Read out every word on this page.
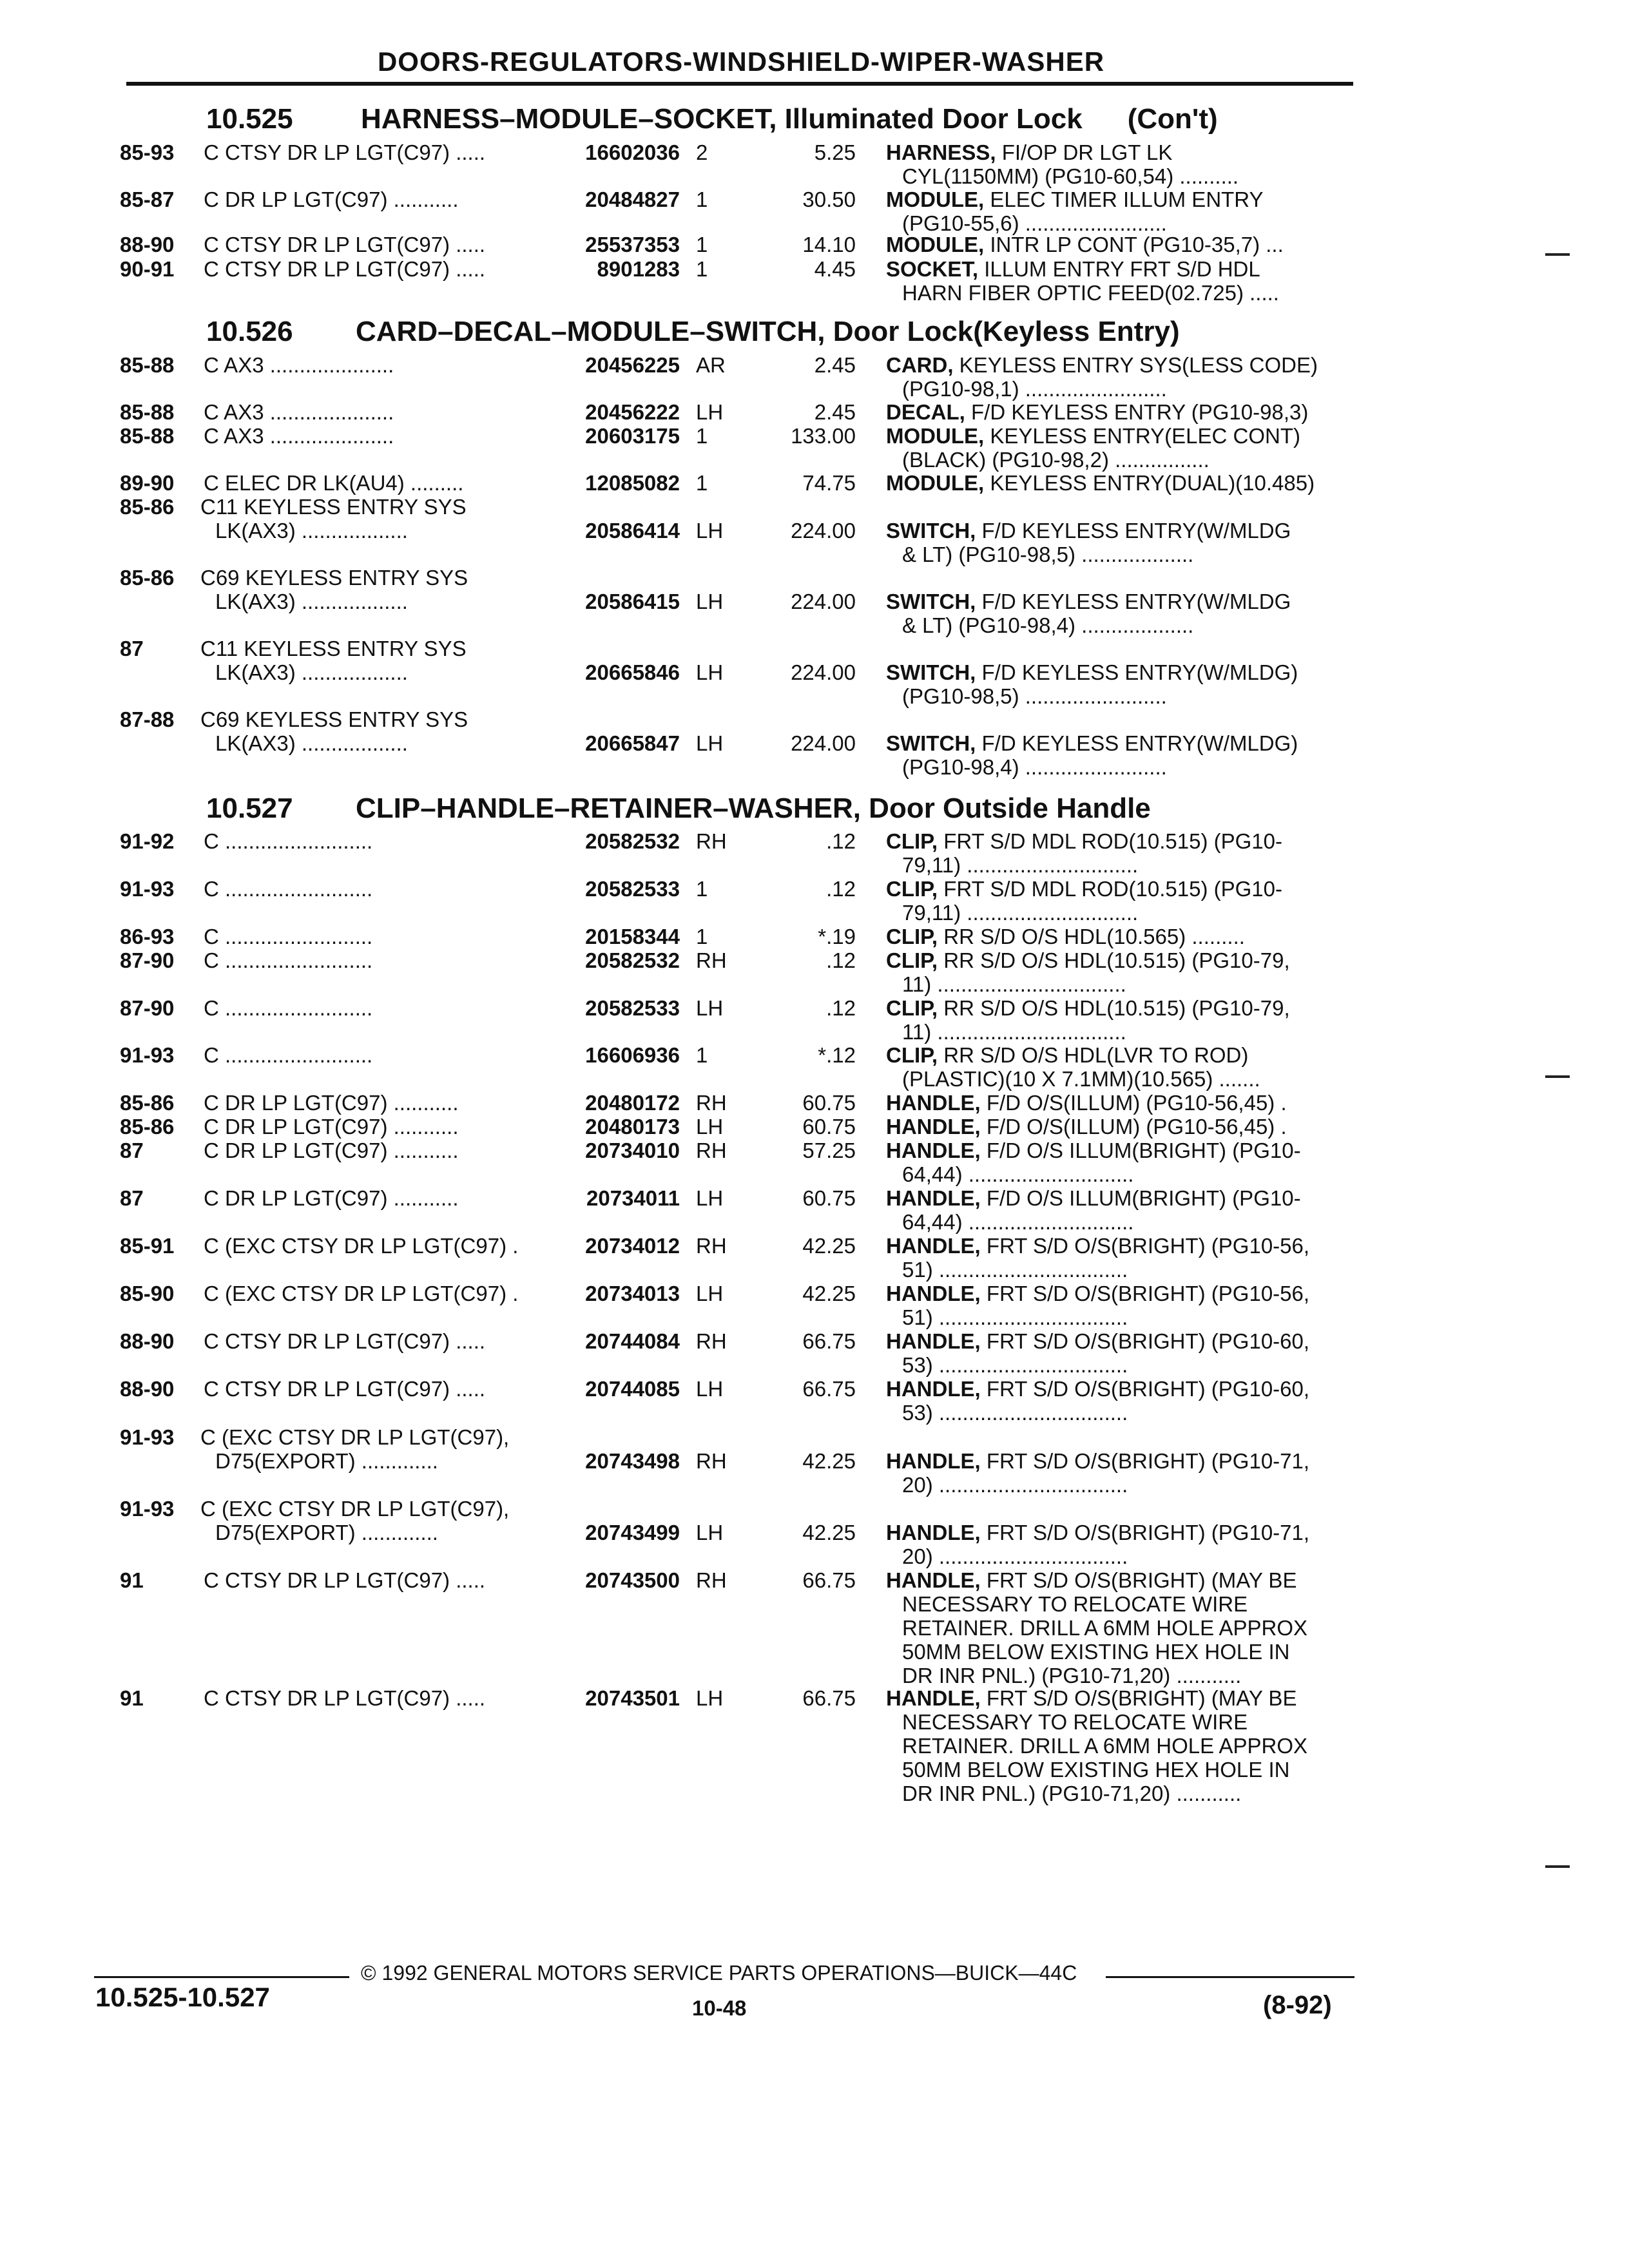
DOORS-REGULATORS-WINDSHIELD-WIPER-WASHER
10.525 HARNESS–MODULE–SOCKET, Illuminated Door Lock (Con't)
85-93 C CTSY DR LP LGT(C97) .....	16602036 2	5.25 HARNESS, FI/OP DR LGT LK
CYL(1150MM) (PG10-60,54) ..........
85-87 C DR LP LGT(C97) ...........	20484827 1	30.50 MODULE, ELEC TIMER ILLUM ENTRY
(PG10-55,6) ........................
88-90 C CTSY DR LP LGT(C97) .....	25537353 1	14.10 MODULE, INTR LP CONT (PG10-35,7) ...
90-91 C CTSY DR LP LGT(C97) .....	8901283 1	4.45 SOCKET, ILLUM ENTRY FRT S/D HDL
HARN FIBER OPTIC FEED(02.725) .....
10.526 CARD–DECAL–MODULE–SWITCH, Door Lock(Keyless Entry)
85-88 C AX3 .....................	20456225 AR	2.45 CARD, KEYLESS ENTRY SYS(LESS CODE)
(PG10-98,1) ........................
85-88 C AX3 .....................	20456222 LH	2.45 DECAL, F/D KEYLESS ENTRY (PG10-98,3)
85-88 C AX3 .....................	20603175 1	133.00 MODULE, KEYLESS ENTRY(ELEC CONT)
(BLACK) (PG10-98,2) ................
89-90 C ELEC DR LK(AU4) .........	12085082 1	74.75 MODULE, KEYLESS ENTRY(DUAL)(10.485)
85-86 C11 KEYLESS ENTRY SYS
LK(AX3) ..................	20586414 LH	224.00 SWITCH, F/D KEYLESS ENTRY(W/MLDG
& LT) (PG10-98,5) ...................
85-86 C69 KEYLESS ENTRY SYS
LK(AX3) ..................	20586415 LH	224.00 SWITCH, F/D KEYLESS ENTRY(W/MLDG
& LT) (PG10-98,4) ...................
87	C11 KEYLESS ENTRY SYS
LK(AX3) ..................	20665846 LH	224.00 SWITCH, F/D KEYLESS ENTRY(W/MLDG)
(PG10-98,5) ........................
87-88 C69 KEYLESS ENTRY SYS
LK(AX3) ..................	20665847 LH	224.00 SWITCH, F/D KEYLESS ENTRY(W/MLDG)
(PG10-98,4) ........................
10.527 CLIP–HANDLE–RETAINER–WASHER, Door Outside Handle
91-92 C .........................	20582532 RH	.12 CLIP, FRT S/D MDL ROD(10.515) (PG10-
79,11) .............................
91-93 C .........................	20582533 1	.12 CLIP, FRT S/D MDL ROD(10.515) (PG10-
79,11) .............................
86-93 C .........................	20158344 1	*.19 CLIP, RR S/D O/S HDL(10.565) .........
87-90 C .........................	20582532 RH	.12 CLIP, RR S/D O/S HDL(10.515) (PG10-79,
11) ................................
87-90 C .........................	20582533 LH	.12 CLIP, RR S/D O/S HDL(10.515) (PG10-79,
11) ................................
91-93 C .........................	16606936 1	*.12 CLIP, RR S/D O/S HDL(LVR TO ROD)
(PLASTIC)(10 X 7.1MM)(10.565) .......
85-86 C DR LP LGT(C97) ...........	20480172 RH	60.75 HANDLE, F/D O/S(ILLUM) (PG10-56,45) .
85-86 C DR LP LGT(C97) ...........	20480173 LH	60.75 HANDLE, F/D O/S(ILLUM) (PG10-56,45) .
87	C DR LP LGT(C97) ...........	20734010 RH	57.25 HANDLE, F/D O/S ILLUM(BRIGHT) (PG10-
64,44) ............................
87	C DR LP LGT(C97) ...........	20734011 LH	60.75 HANDLE, F/D O/S ILLUM(BRIGHT) (PG10-
64,44) ............................
85-91 C (EXC CTSY DR LP LGT(C97) .	20734012 RH	42.25 HANDLE, FRT S/D O/S(BRIGHT) (PG10-56,
51) ................................
85-90 C (EXC CTSY DR LP LGT(C97) .	20734013 LH	42.25 HANDLE, FRT S/D O/S(BRIGHT) (PG10-56,
51) ................................
88-90 C CTSY DR LP LGT(C97) .....	20744084 RH	66.75 HANDLE, FRT S/D O/S(BRIGHT) (PG10-60,
53) ................................
88-90 C CTSY DR LP LGT(C97) .....	20744085 LH	66.75 HANDLE, FRT S/D O/S(BRIGHT) (PG10-60,
53) ................................
91-93 C (EXC CTSY DR LP LGT(C97),
D75(EXPORT) .............	20743498 RH	42.25 HANDLE, FRT S/D O/S(BRIGHT) (PG10-71,
20) ................................
91-93 C (EXC CTSY DR LP LGT(C97),
D75(EXPORT) .............	20743499 LH	42.25 HANDLE, FRT S/D O/S(BRIGHT) (PG10-71,
20) ................................
91	C CTSY DR LP LGT(C97) .....	20743500 RH	66.75 HANDLE, FRT S/D O/S(BRIGHT) (MAY BE
NECESSARY TO RELOCATE WIRE
RETAINER. DRILL A 6MM HOLE APPROX
50MM BELOW EXISTING HEX HOLE IN
DR INR PNL.) (PG10-71,20) ...........
91	C CTSY DR LP LGT(C97) .....	20743501 LH	66.75 HANDLE, FRT S/D O/S(BRIGHT) (MAY BE
NECESSARY TO RELOCATE WIRE
RETAINER. DRILL A 6MM HOLE APPROX
50MM BELOW EXISTING HEX HOLE IN
DR INR PNL.) (PG10-71,20) ...........
© 1992 GENERAL MOTORS SERVICE PARTS OPERATIONS—BUICK—44C
10.525-10.527	10-48	(8-92)
